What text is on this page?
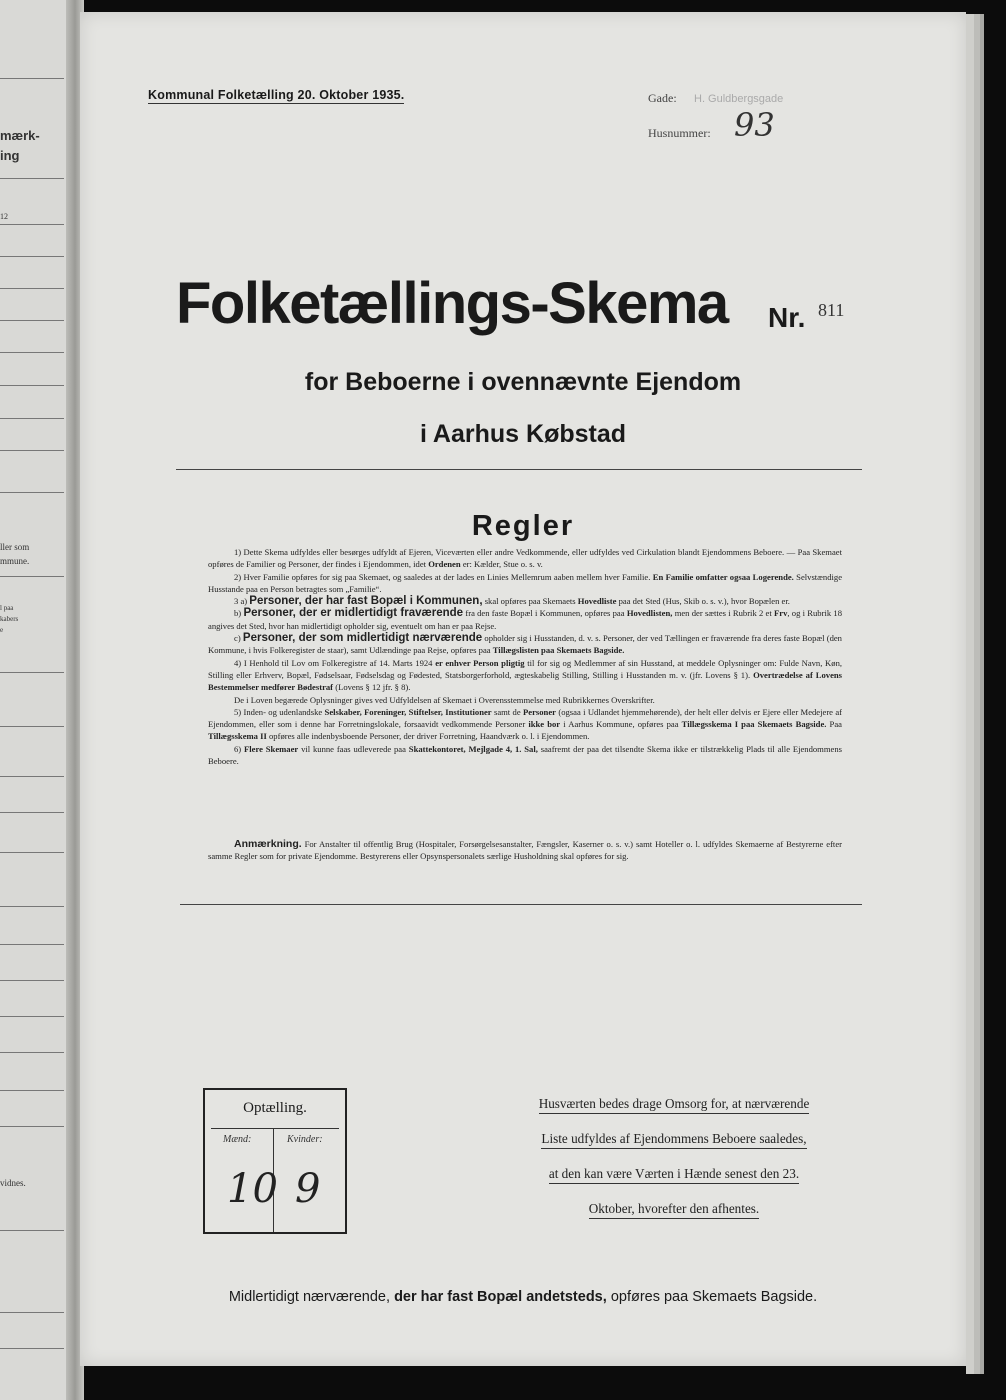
mærk-
ing
12
ller som
mmune.
l paa
kabers
e
vidnes.
Kommunal Folketælling 20. Oktober 1935.	Gade: H. Guldbergsgade
Husnummer: 93
Folketællings-Skema Nr. 811
for Beboerne i ovennævnte Ejendom
i Aarhus Købstad
Regler

1) Dette Skema udfyldes eller besørges udfyldt af Ejeren, Viceværten eller andre Vedkommende, eller udfyldes ved Cirkulation blandt Ejendommens Beboere. — Paa Skemaet opføres de Familier og Personer, der findes i Ejendommen, idet Ordenen er: Kælder, Stue o. s. v.

2) Hver Familie opføres for sig paa Skemaet, og saaledes at der lades en Linies Mellemrum aaben mellem hver Familie. En Familie omfatter ogsaa Logerende. Selvstændige Husstande paa en Person betragtes som „Familie“.

3 a) Personer, der har fast Bopæl i Kommunen, skal opføres paa Skemaets Hovedliste paa det Sted (Hus, Skib o. s. v.), hvor Bopælen er.

b) Personer, der er midlertidigt fraværende fra den faste Bopæl i Kommunen, opføres paa Hovedlisten, men der sættes i Rubrik 2 et Frv, og i Rubrik 18 angives det Sted, hvor han midlertidigt opholder sig, eventuelt om han er paa Rejse.

c) Personer, der som midlertidigt nærværende opholder sig i Husstanden, d. v. s. Personer, der ved Tællingen er fraværende fra deres faste Bopæl (den Kommune, i hvis Folkeregister de staar), samt Udlændinge paa Rejse, opføres paa Tillægslisten paa Skemaets Bagside.

4) I Henhold til Lov om Folkeregistre af 14. Marts 1924 er enhver Person pligtig til for sig og Medlemmer af sin Husstand, at meddele Oplysninger om: Fulde Navn, Køn, Stilling eller Erhverv, Bopæl, Fødselsaar, Fødselsdag og Fødested, Statsborgerforhold, ægteskabelig Stilling, Stilling i Husstanden m. v. (jfr. Lovens § 1). Overtrædelse af Lovens Bestemmelser medfører Bødestraf (Lovens § 12 jfr. § 8).

De i Loven begærede Oplysninger gives ved Udfyldelsen af Skemaet i Overensstemmelse med Rubrikkernes Overskrifter.

5) Inden- og udenlandske Selskaber, Foreninger, Stiftelser, Institutioner samt de Personer (ogsaa i Udlandet hjemmehørende), der helt eller delvis er Ejere eller Medejere af Ejendommen, eller som i denne har Forretningslokale, forsaavidt vedkommende Personer ikke bor i Aarhus Kommune, opføres paa Tillægsskema I paa Skemaets Bagside. Paa Tillægsskema II opføres alle indenbysboende Personer, der driver Forretning, Haandværk o. l. i Ejendommen.

6) Flere Skemaer vil kunne faas udleverede paa Skattekontoret, Mejlgade 4, 1. Sal, saafremt der paa det tilsendte Skema ikke er tilstrækkelig Plads til alle Ejendommens Beboere.

Anmærkning. For Anstalter til offentlig Brug (Hospitaler, Forsørgelsesanstalter, Fængsler, Kaserner o. s. v.) samt Hoteller o. l. udfyldes Skemaerne af Bestyrerne efter samme Regler som for private Ejendomme. Bestyrerens eller Opsynspersonalets særlige Husholdning skal opføres for sig.
Optælling.
Mænd:	Kvinder:
10 9
Husværten bedes drage Omsorg for, at nærværende
Liste udfyldes af Ejendommens Beboere saaledes,
at den kan være Værten i Hænde senest den 23.
Oktober, hvorefter den afhentes.
Midlertidigt nærværende, der har fast Bopæl andetsteds, opføres paa Skemaets Bagside.
